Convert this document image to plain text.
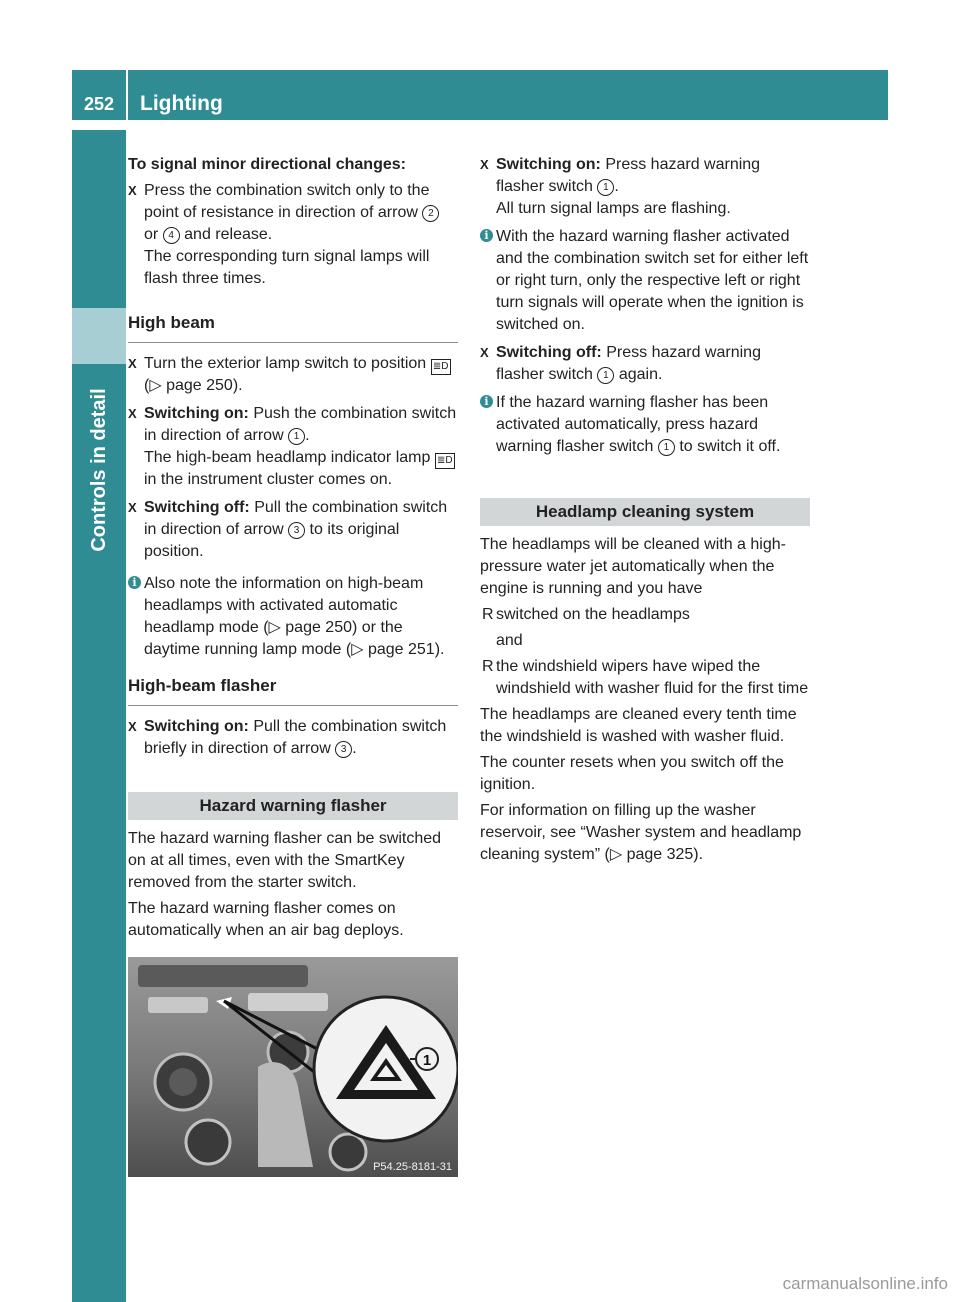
252	Lighting
Controls in detail

To signal minor directional changes:

X Press the combination switch only to the point of resistance in direction of arrow 2 or 4 and release.
The corresponding turn signal lamps will flash three times.
High beam
X Turn the exterior lamp switch to position ≣D (▷ page 250).
X Switching on: Push the combination switch in direction of arrow 1 .
The high-beam headlamp indicator lamp ≣D in the instrument cluster comes on.
X Switching off: Pull the combination switch in direction of arrow 3 to its original position.
i Also note the information on high-beam headlamps with activated automatic headlamp mode (▷ page 250) or the daytime running lamp mode (▷ page 251).
High-beam flasher
X Switching on: Pull the combination switch briefly in direction of arrow 3 .
Hazard warning flasher

The hazard warning flasher can be switched on at all times, even with the SmartKey removed from the starter switch.

The hazard warning flasher comes on automatically when an air bag deploys.

1
P54.25-8181-31
X Switching on: Press hazard warning flasher switch 1 .
All turn signal lamps are flashing.
i With the hazard warning flasher activated and the combination switch set for either left or right turn, only the respective left or right turn signals will operate when the ignition is switched on.
X Switching off: Press hazard warning flasher switch 1 again.
i If the hazard warning flasher has been activated automatically, press hazard warning flasher switch 1 to switch it off.
Headlamp cleaning system

The headlamps will be cleaned with a high-pressure water jet automatically when the engine is running and you have

R switched on the headlamps

and

R the windshield wipers have wiped the windshield with washer fluid for the first time

The headlamps are cleaned every tenth time the windshield is washed with washer fluid.

The counter resets when you switch off the ignition.

For information on filling up the washer reservoir, see “Washer system and headlamp cleaning system” (▷ page 325).

carmanualsonline.info
